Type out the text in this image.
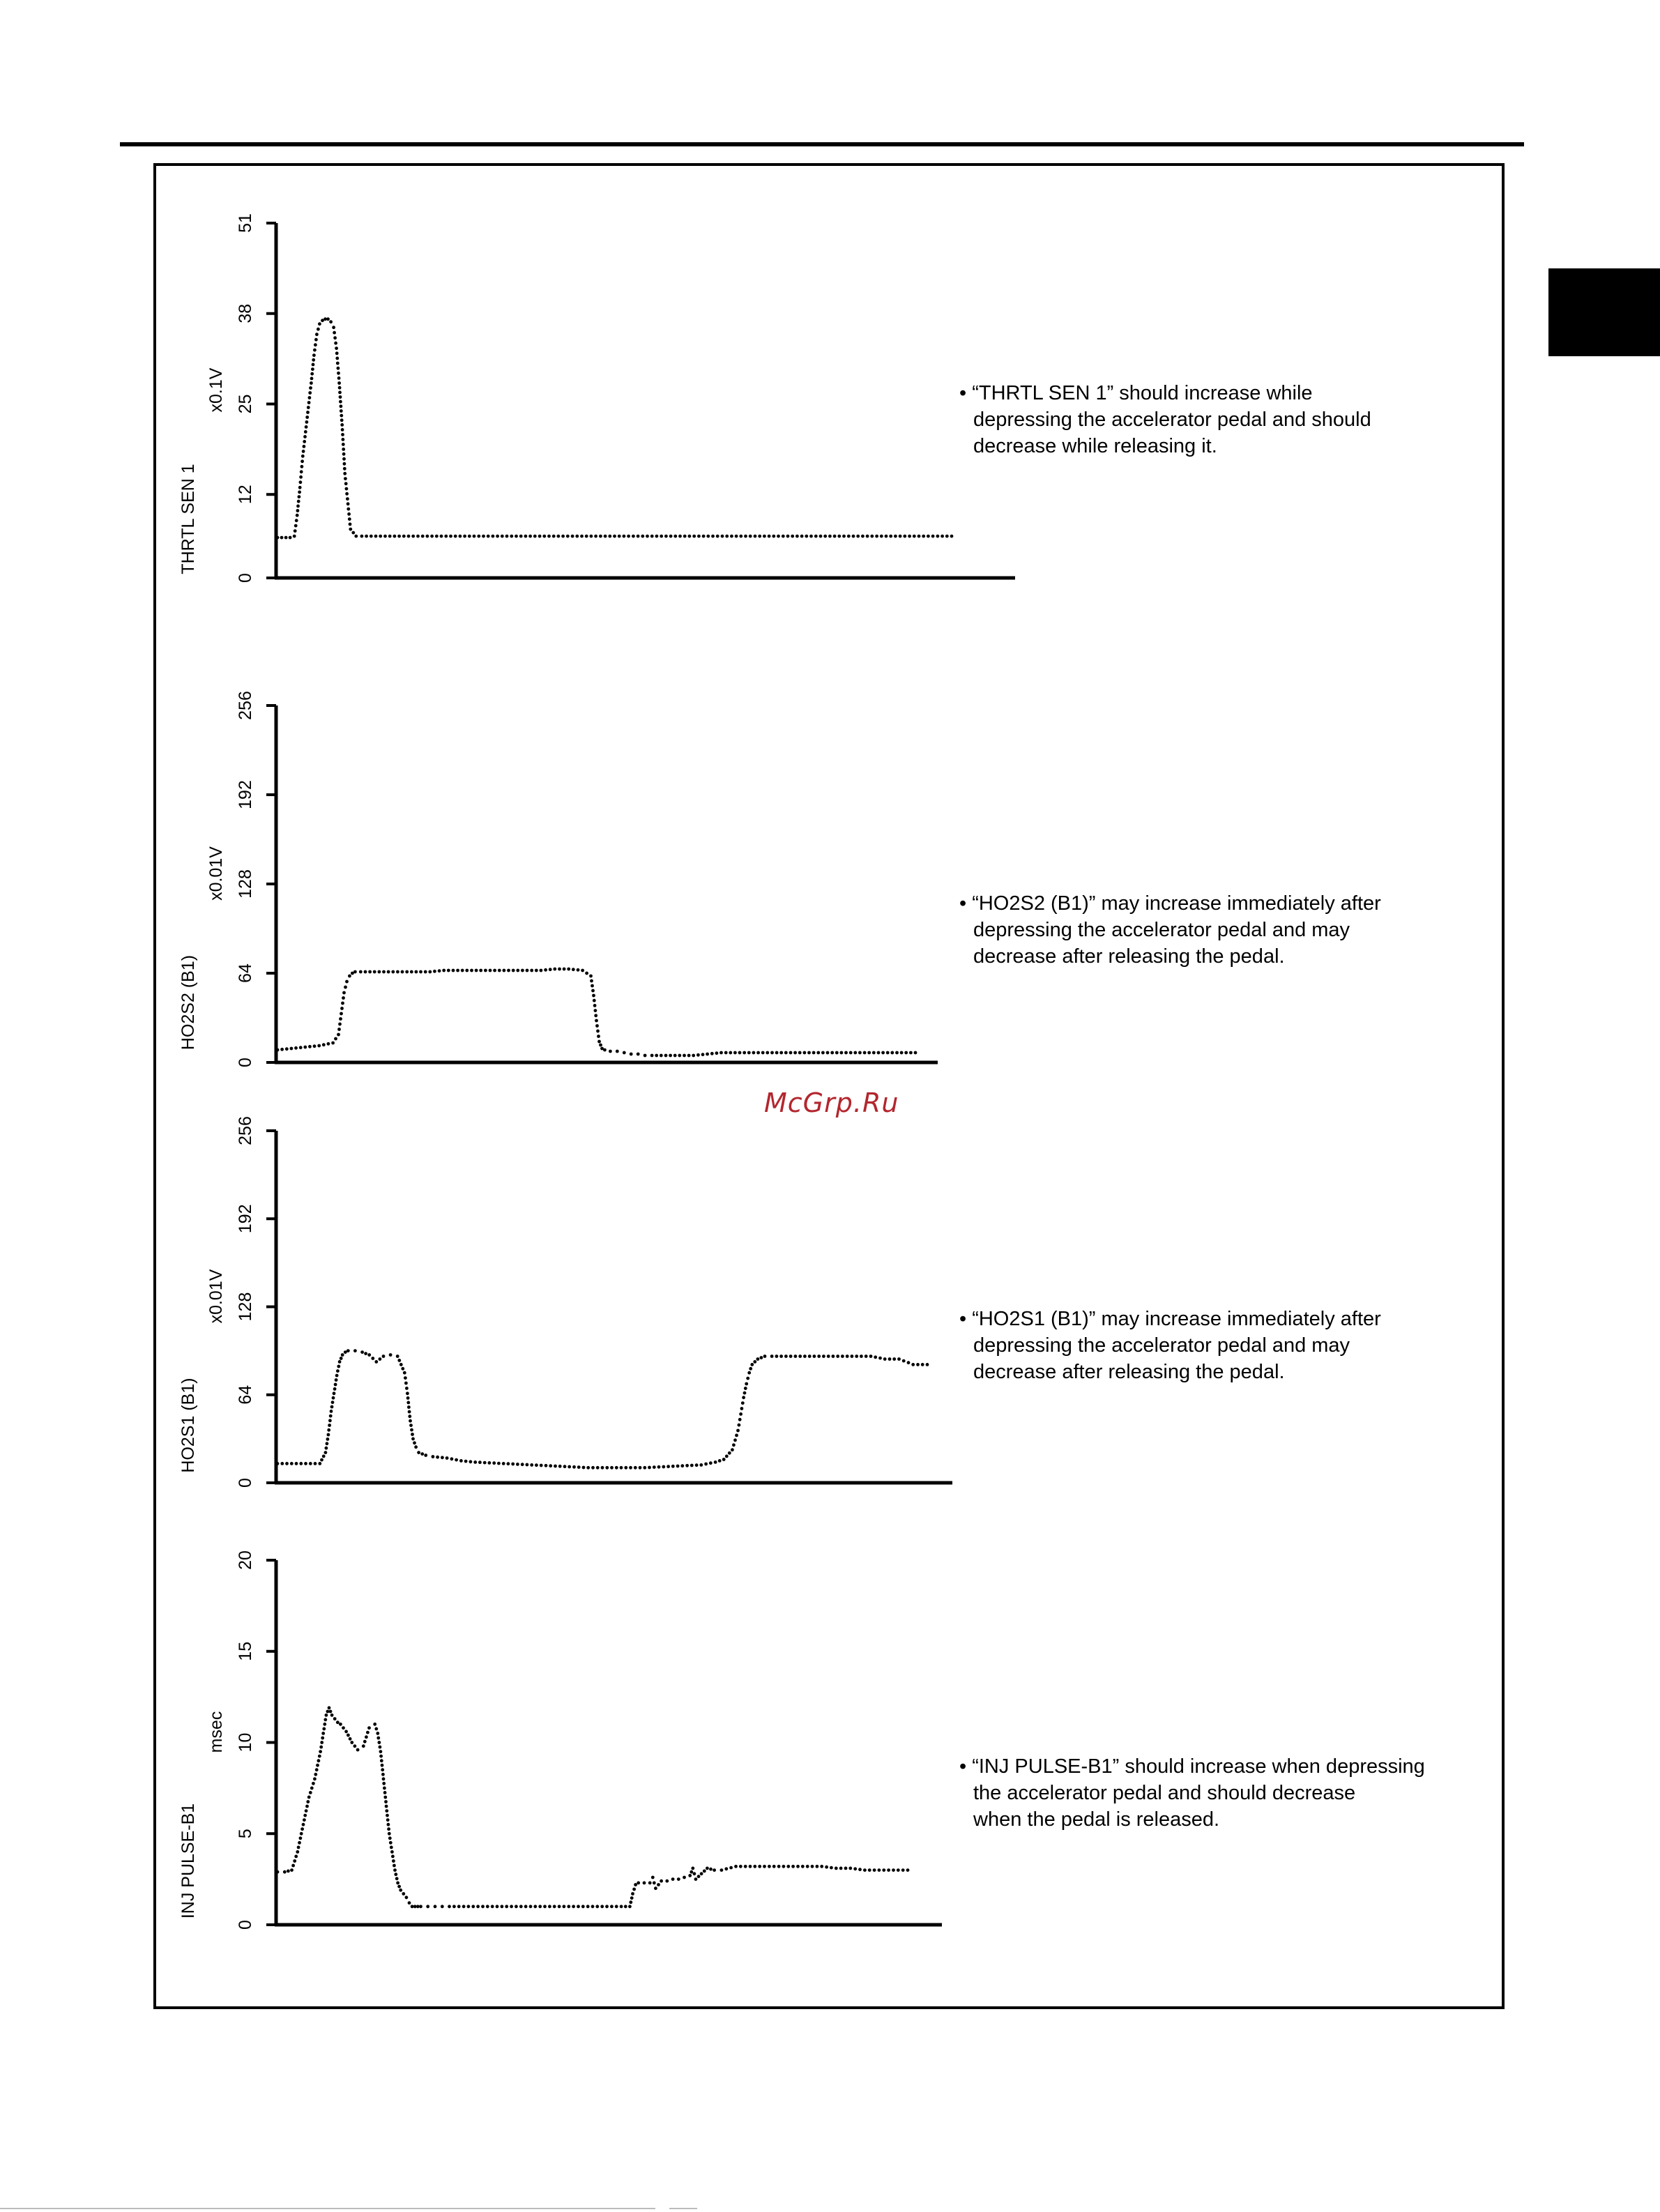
0
12
25
38
51
THRTL SEN 1
x0.1V
0
64
128
192
256
HO2S2 (B1)
x0.01V
0
64
128
192
256
HO2S1 (B1)
x0.01V
0
5
10
15
20
INJ PULSE-B1
msec
• “THRTL SEN 1” should increase while
depressing the accelerator pedal and should
decrease while releasing it.
• “HO2S2 (B1)” may increase immediately after
depressing the accelerator pedal and may
decrease after releasing the pedal.
• “HO2S1 (B1)” may increase immediately after
depressing the accelerator pedal and may
decrease after releasing the pedal.
• “INJ PULSE-B1” should increase when depressing
the accelerator pedal and should decrease
when the pedal is released.
McGrp.Ru
